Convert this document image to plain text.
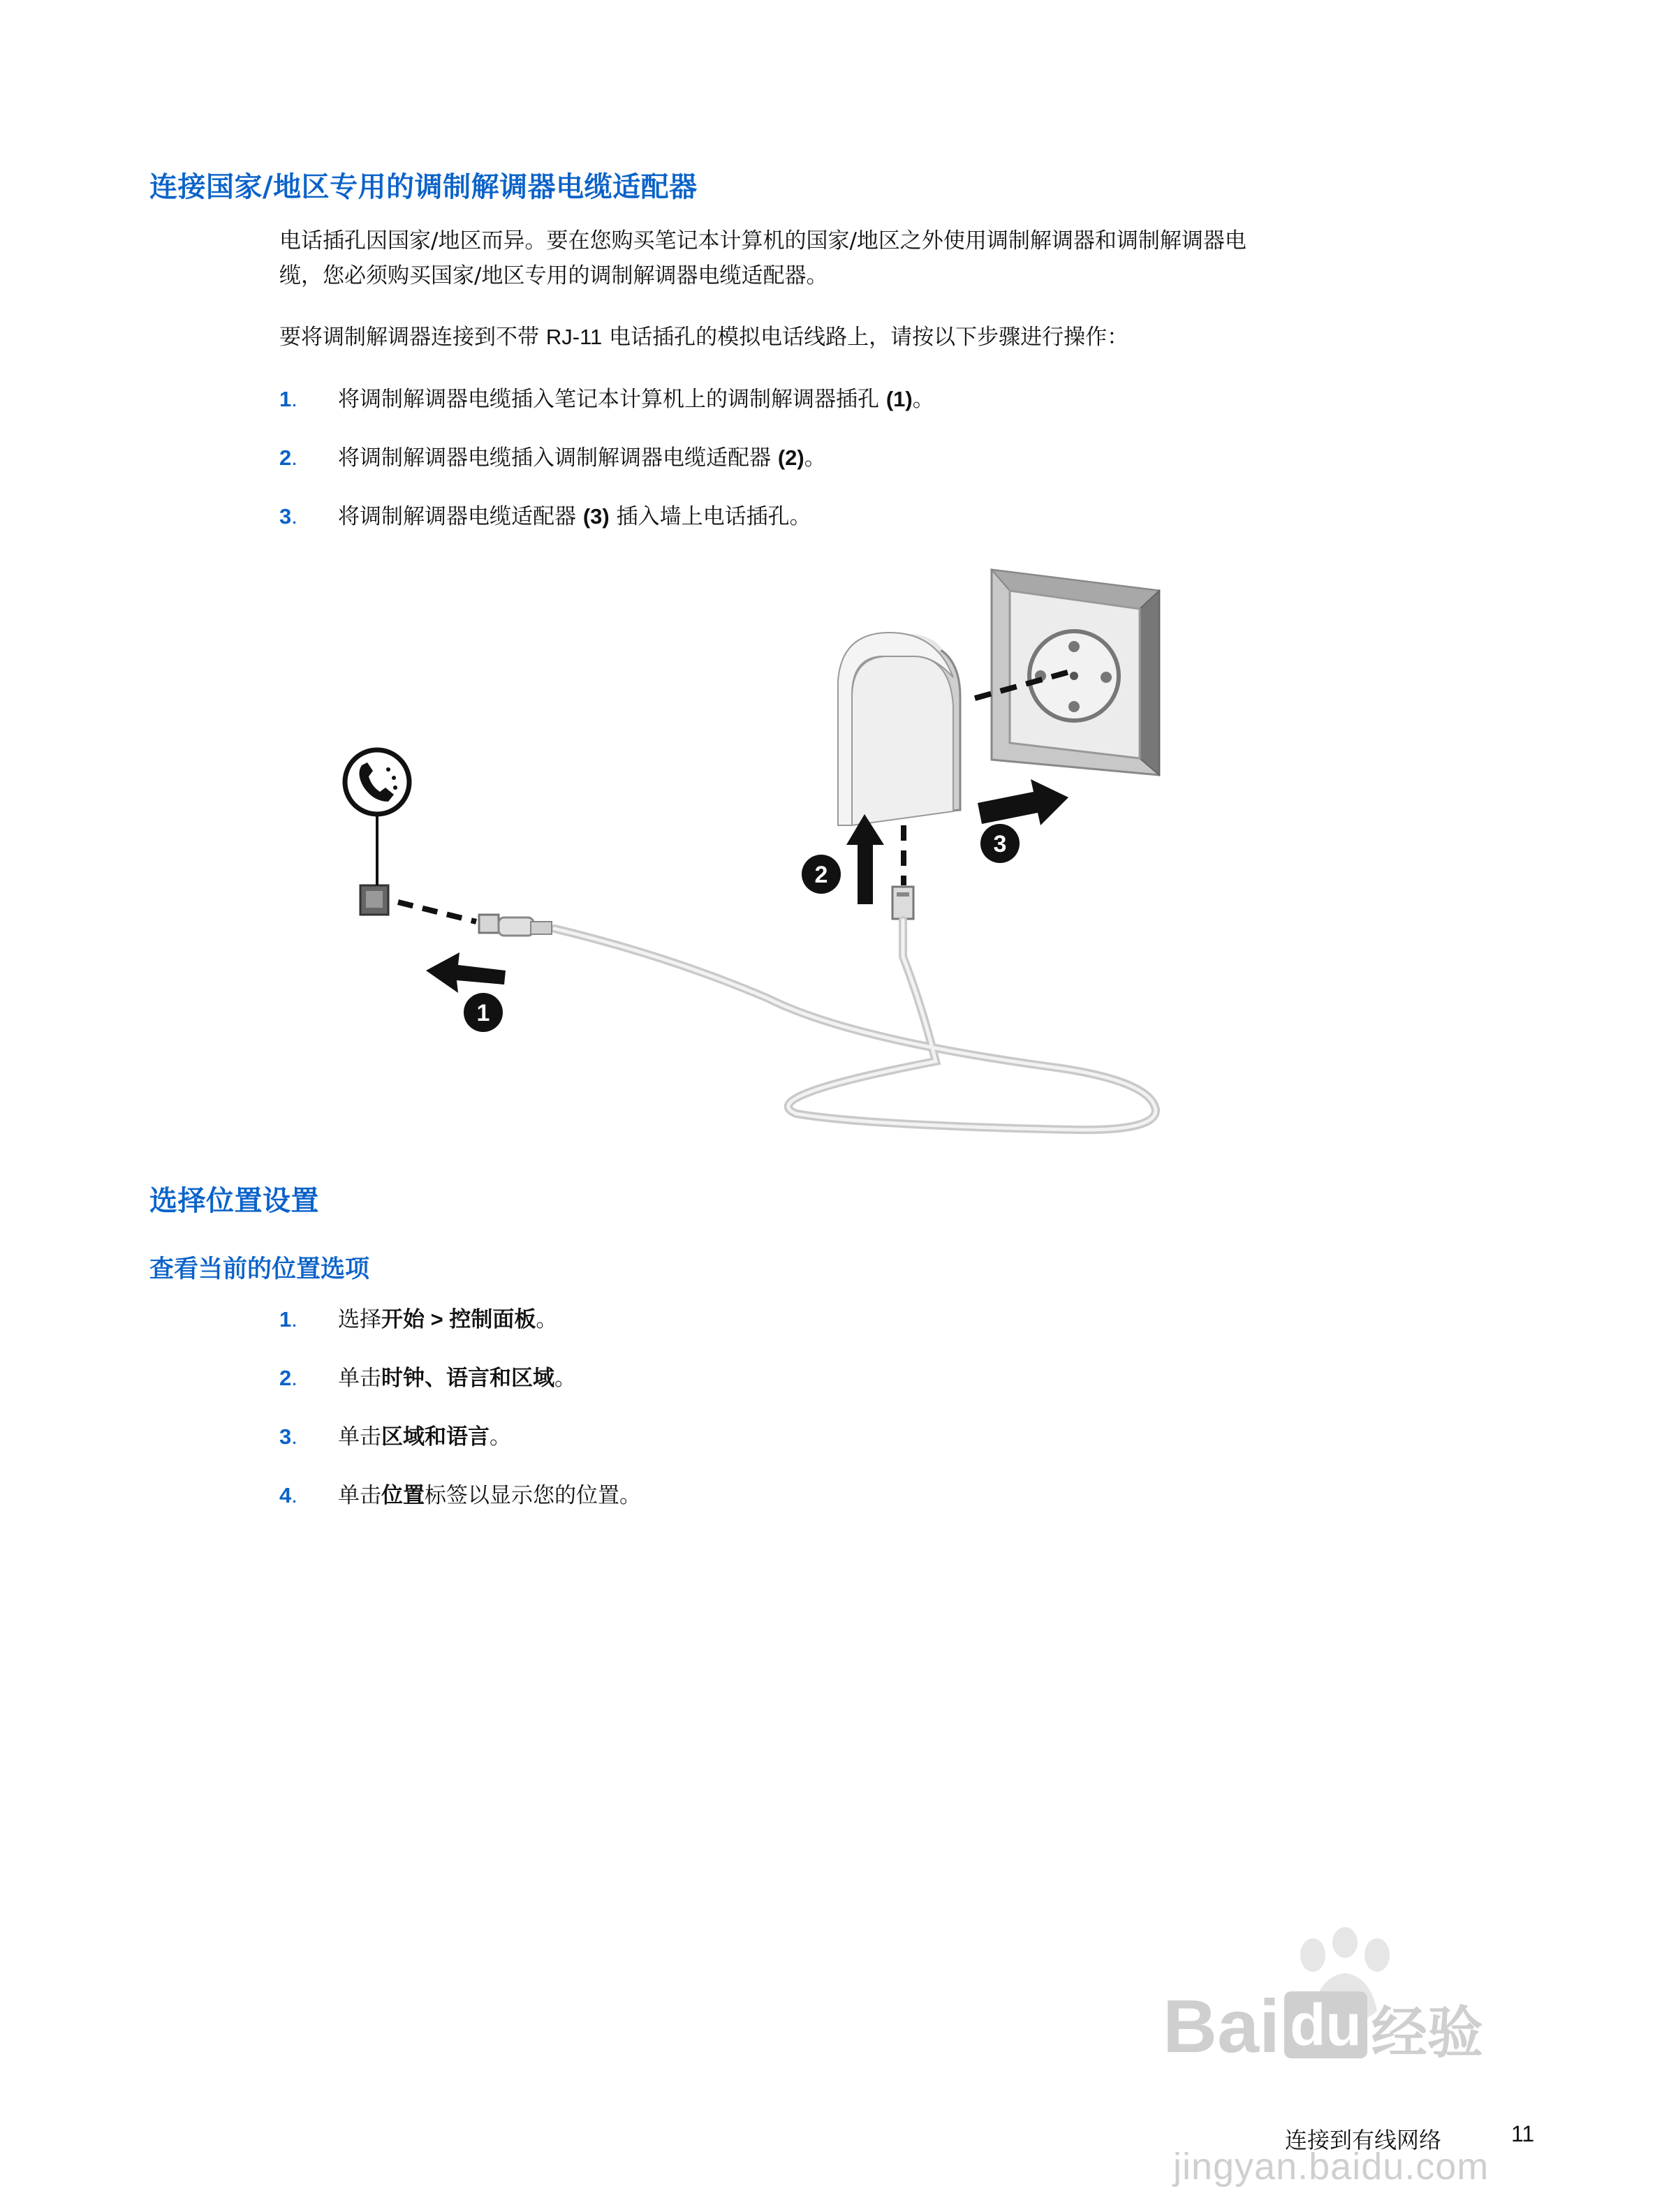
连接国家/地区专用的调制解调器电缆适配器
电话插孔因国家/地区而异。要在您购买笔记本计算机的国家/地区之外使用调制解调器和调制解调器电
缆，您必须购买国家/地区专用的调制解调器电缆适配器。
要将调制解调器连接到不带 RJ-11 电话插孔的模拟电话线路上，请按以下步骤进行操作：
1. 将调制解调器电缆插入笔记本计算机上的调制解调器插孔 (1)。
2. 将调制解调器电缆插入调制解调器电缆适配器 (2)。
3. 将调制解调器电缆适配器 (3) 插入墙上电话插孔。
3
2
1
选择位置设置
查看当前的位置选项
1. 选择开始 > 控制面板。
2. 单击时钟、语言和区域。
3. 单击区域和语言。
4. 单击位置标签以显示您的位置。
Bai du 经验
jingyan.baidu.com
连接到有线网络	11
